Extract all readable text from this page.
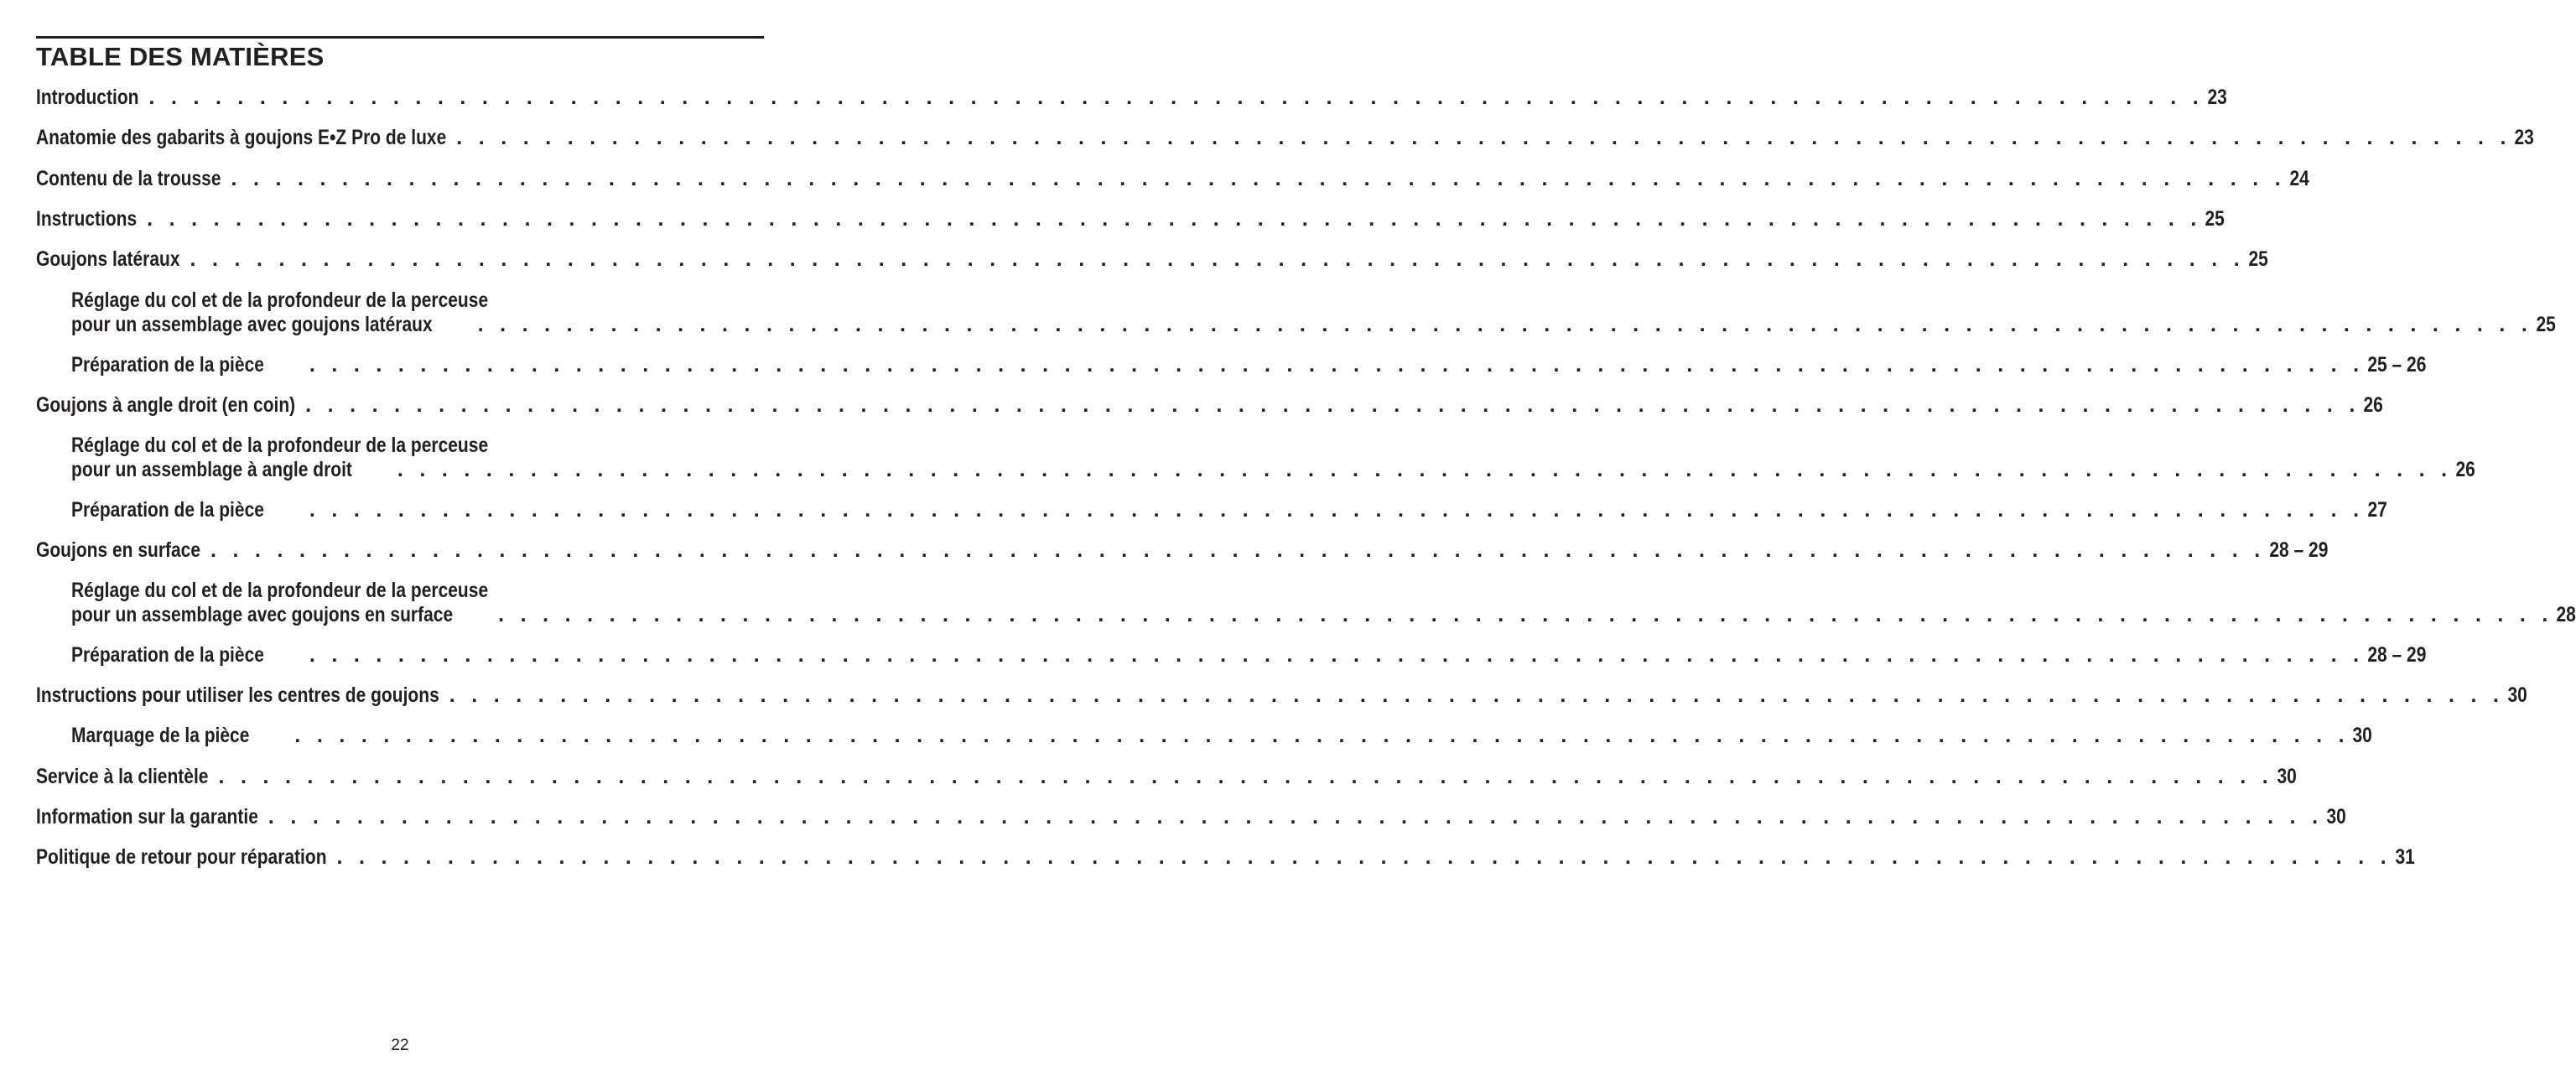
TABLE DES MATIÈRES
Introduction . . . . . . . . . . . . . . . . . . . . . . . . . . . . . . . . . . . . . . . . . . . . . . . . . . . . . . . . . . . . . . . . . . . . . . . . . . . . . . . . . . . . . . . . . . . . . 23
Anatomie des gabarits à goujons E•Z Pro de luxe . . . . . . . . . . . . . . . . . . . . . . . . . . . . . . . . . . . . . . . . . . . . . . . . . . . . . . . . . . . . . . . . . . . . . . . . . . . . . . . . . . . . . . . . . . . . . 23
Contenu de la trousse . . . . . . . . . . . . . . . . . . . . . . . . . . . . . . . . . . . . . . . . . . . . . . . . . . . . . . . . . . . . . . . . . . . . . . . . . . . . . . . . . . . . . . . . . . . . . 24
Instructions . . . . . . . . . . . . . . . . . . . . . . . . . . . . . . . . . . . . . . . . . . . . . . . . . . . . . . . . . . . . . . . . . . . . . . . . . . . . . . . . . . . . . . . . . . . . . 25
Goujons latéraux . . . . . . . . . . . . . . . . . . . . . . . . . . . . . . . . . . . . . . . . . . . . . . . . . . . . . . . . . . . . . . . . . . . . . . . . . . . . . . . . . . . . . . . . . . . . . 25
Réglage du col et de la profondeur de la perceuse
pour un assemblage avec goujons latéraux	. . . . . . . . . . . . . . . . . . . . . . . . . . . . . . . . . . . . . . . . . . . . . . . . . . . . . . . . . . . . . . . . . . . . . . . . . . . . . . . . . . . . . . . . . . . . . 25
Préparation de la pièce	. . . . . . . . . . . . . . . . . . . . . . . . . . . . . . . . . . . . . . . . . . . . . . . . . . . . . . . . . . . . . . . . . . . . . . . . . . . . . . . . . . . . . . . . . . . . . 25 – 26
Goujons à angle droit (en coin) . . . . . . . . . . . . . . . . . . . . . . . . . . . . . . . . . . . . . . . . . . . . . . . . . . . . . . . . . . . . . . . . . . . . . . . . . . . . . . . . . . . . . . . . . . . . . 26
Réglage du col et de la profondeur de la perceuse
pour un assemblage à angle droit	. . . . . . . . . . . . . . . . . . . . . . . . . . . . . . . . . . . . . . . . . . . . . . . . . . . . . . . . . . . . . . . . . . . . . . . . . . . . . . . . . . . . . . . . . . . . . 26
Préparation de la pièce	. . . . . . . . . . . . . . . . . . . . . . . . . . . . . . . . . . . . . . . . . . . . . . . . . . . . . . . . . . . . . . . . . . . . . . . . . . . . . . . . . . . . . . . . . . . . . 27
Goujons en surface . . . . . . . . . . . . . . . . . . . . . . . . . . . . . . . . . . . . . . . . . . . . . . . . . . . . . . . . . . . . . . . . . . . . . . . . . . . . . . . . . . . . . . . . . . . . . 28 – 29
Réglage du col et de la profondeur de la perceuse
pour un assemblage avec goujons en surface	. . . . . . . . . . . . . . . . . . . . . . . . . . . . . . . . . . . . . . . . . . . . . . . . . . . . . . . . . . . . . . . . . . . . . . . . . . . . . . . . . . . . . . . . . . . . . 28
Préparation de la pièce	. . . . . . . . . . . . . . . . . . . . . . . . . . . . . . . . . . . . . . . . . . . . . . . . . . . . . . . . . . . . . . . . . . . . . . . . . . . . . . . . . . . . . . . . . . . . . 28 – 29
Instructions pour utiliser les centres de goujons . . . . . . . . . . . . . . . . . . . . . . . . . . . . . . . . . . . . . . . . . . . . . . . . . . . . . . . . . . . . . . . . . . . . . . . . . . . . . . . . . . . . . . . . . . . . . 30
Marquage de la pièce	. . . . . . . . . . . . . . . . . . . . . . . . . . . . . . . . . . . . . . . . . . . . . . . . . . . . . . . . . . . . . . . . . . . . . . . . . . . . . . . . . . . . . . . . . . . . . 30
Service à la clientèle . . . . . . . . . . . . . . . . . . . . . . . . . . . . . . . . . . . . . . . . . . . . . . . . . . . . . . . . . . . . . . . . . . . . . . . . . . . . . . . . . . . . . . . . . . . . . 30
Information sur la garantie . . . . . . . . . . . . . . . . . . . . . . . . . . . . . . . . . . . . . . . . . . . . . . . . . . . . . . . . . . . . . . . . . . . . . . . . . . . . . . . . . . . . . . . . . . . . . 30
Politique de retour pour réparation . . . . . . . . . . . . . . . . . . . . . . . . . . . . . . . . . . . . . . . . . . . . . . . . . . . . . . . . . . . . . . . . . . . . . . . . . . . . . . . . . . . . . . . . . . . . . 31
22
